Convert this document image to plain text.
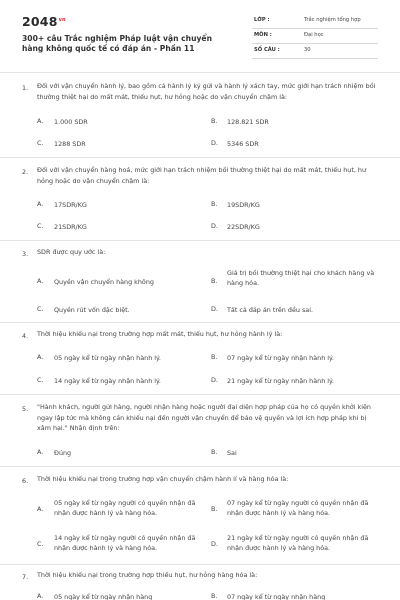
$2048^{vn}$
300+ câu Trắc nghiệm Pháp luật vận chuyển hàng không quốc tế có đáp án - Phần 11
LỚP :	Trắc nghiệm tổng hợp
MÔN :	Đại học
SỐ CÂU :	30
1. Đối với vận chuyển hành lý, bao gồm cả hành lý ký gửi và hành lý xách tay, mức giới hạn trách nhiệm bồi thường thiệt hại do mất mát, thiếu hụt, hư hỏng hoặc do vận chuyển chậm là:
A. 1.000 SDR	B. 128.821 SDR
C. 1288 SDR	D. 5346 SDR
2. Đối với vận chuyển hàng hoá, mức giới hạn trách nhiệm bồi thường thiệt hại do mất mát, thiếu hụt, hư hỏng hoặc do vận chuyển chậm là:
A. 17SDR/KG	B. 19SDR/KG
C. 21SDR/KG	D. 22SDR/KG
3. SDR được quy ước là:
A. Quyền vận chuyển hàng không	B.
Giá trị bồi thường thiệt hại cho khách hàng và hàng hóa.
C. Quyền rút vốn đặc biệt.	D. Tất cả đáp án trên đều sai.
4. Thời hiệu khiếu nại trong trường hợp mất mát, thiếu hụt, hư hỏng hành lý là:
A. 05 ngày kể từ ngày nhận hành lý.	B. 07 ngày kể từ ngày nhận hành lý.
C. 14 ngày kể từ ngày nhận hành lý.	D. 21 ngày kể từ ngày nhận hành lý.
5. "Hành khách, người gửi hàng, người nhận hàng hoặc người đại diện hợp pháp của họ có quyền khởi kiện ngay lập tức mà không cần khiếu nại đến người vận chuyển để bảo vệ quyền và lợi ích hợp pháp khi bị xâm hại." Nhận định trên:
A. Đúng	B. Sai
6. Thời hiệu khiếu nại trong trường hợp vận chuyển chậm hành lí và hàng hóa là:
A.
05 ngày kể từ ngày người có quyền nhận đã nhận được hành lý và hàng hóa.	B.
07 ngày kể từ ngày người có quyền nhận đã nhận được hành lý và hàng hóa.
C.
14 ngày kể từ ngày người có quyền nhận đã nhận được hành lý và hàng hóa.	D.
21 ngày kể từ ngày người có quyền nhận đã nhận được hành lý và hàng hóa.
7. Thời hiệu khiếu nại trong trường hợp thiếu hụt, hư hỏng hàng hóa là:
A. 05 ngày kể từ ngày nhận hàng	B. 07 ngày kể từ ngày nhận hàng
